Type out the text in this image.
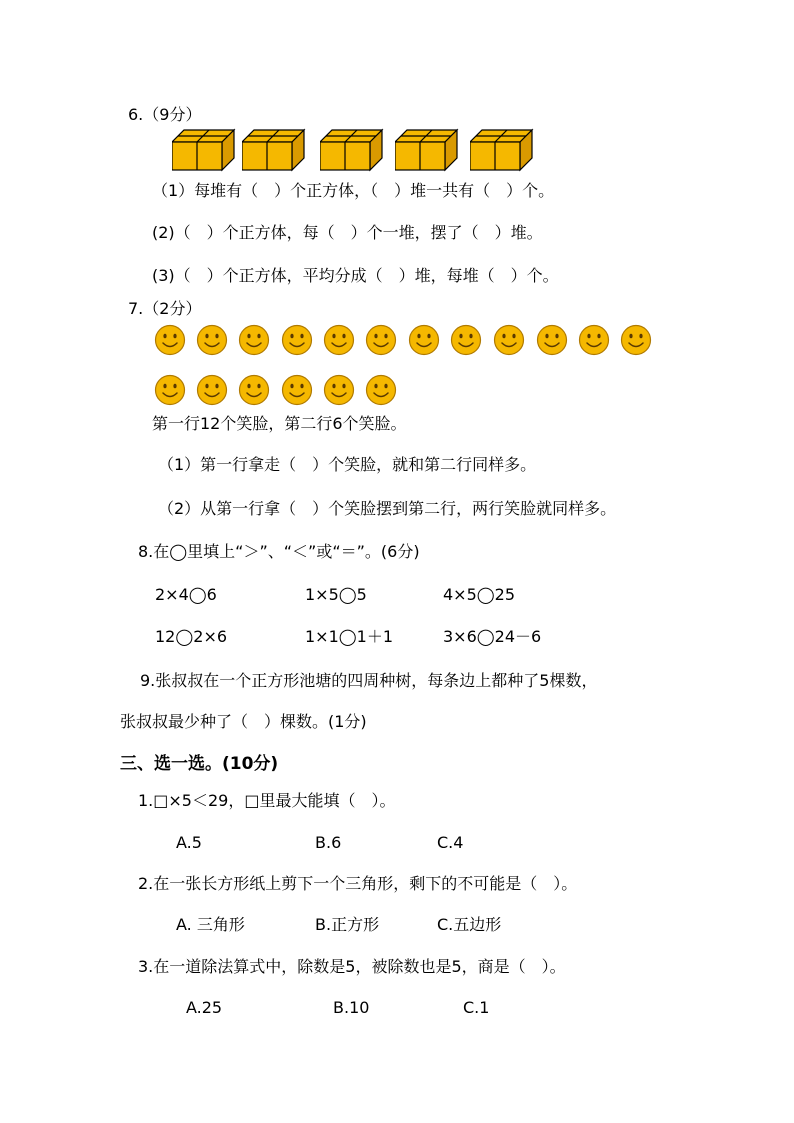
6.（9分）
（1）每堆有（　）个正方体，（　）堆一共有（　）个。
(2)（　）个正方体，每（　）个一堆，摆了（　）堆。
(3)（　）个正方体，平均分成（　）堆，每堆（　）个。
7.（2分）
第一行12个笑脸，第二行6个笑脸。
（1）第一行拿走（　）个笑脸，就和第二行同样多。
（2）从第一行拿（　）个笑脸摆到第二行，两行笑脸就同样多。
8.在◯里填上“＞”、“＜”或“＝”。(6分)
2×4◯6	1×5◯5	4×5◯25
12◯2×6	1×1◯1＋1	3×6◯24－6
9.张叔叔在一个正方形池塘的四周种树，每条边上都种了5棵数，
张叔叔最少种了（　）棵数。(1分)
三、选一选。(10分)
1.□×5＜29，□里最大能填（　）。
A.5	B.6	C.4
2.在一张长方形纸上剪下一个三角形，剩下的不可能是（　）。
A. 三角形	B.正方形	C.五边形
3.在一道除法算式中，除数是5，被除数也是5，商是（　）。
A.25	B.10	C.1
